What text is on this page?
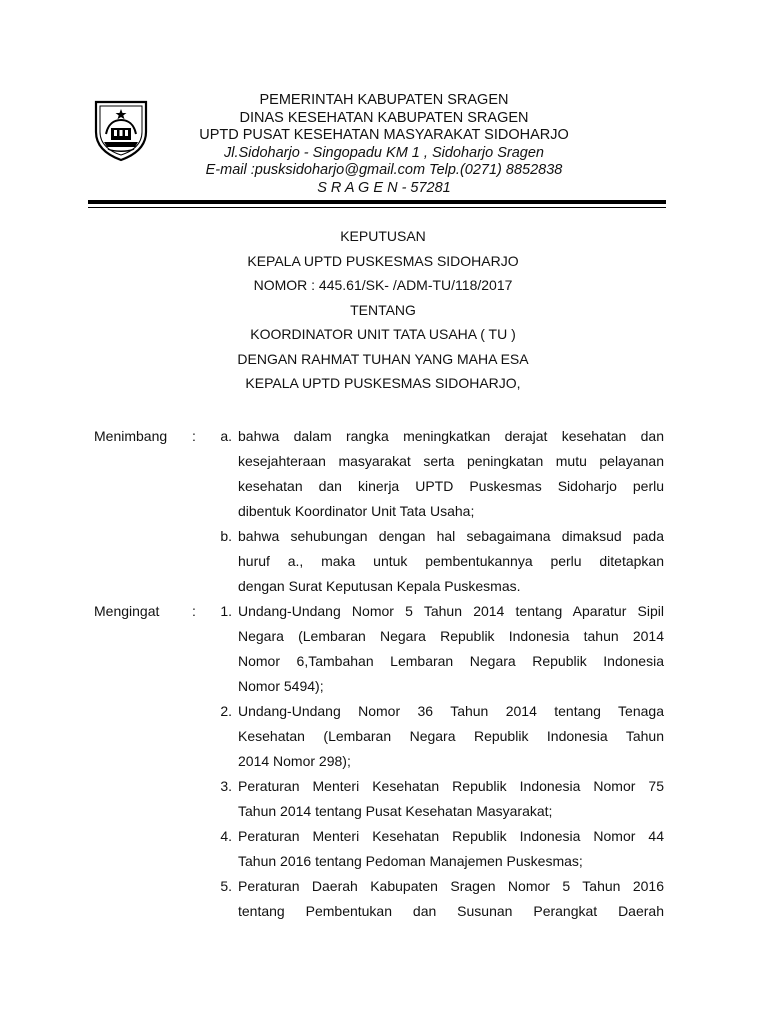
PEMERINTAH KABUPATEN SRAGEN
DINAS KESEHATAN KABUPATEN SRAGEN
UPTD PUSAT KESEHATAN MASYARAKAT SIDOHARJO
Jl.Sidoharjo - Singopadu KM 1 , Sidoharjo Sragen
E-mail :pusksidoharjo@gmail.com Telp.(0271) 8852838
S R A G E N - 57281
KEPUTUSAN
KEPALA UPTD PUSKESMAS SIDOHARJO
NOMOR : 445.61/SK- /ADM-TU/118/2017
TENTANG
KOORDINATOR UNIT TATA USAHA ( TU )
DENGAN RAHMAT TUHAN YANG MAHA ESA
KEPALA UPTD PUSKESMAS SIDOHARJO,
Menimbang	:	a. bahwa dalam rangka meningkatkan derajat kesehatan dan
kesejahteraan masyarakat serta peningkatan mutu pelayanan
kesehatan dan kinerja UPTD Puskesmas Sidoharjo perlu
dibentuk Koordinator Unit Tata Usaha;
b. bahwa sehubungan dengan hal sebagaimana dimaksud pada
huruf a., maka untuk pembentukannya perlu ditetapkan
dengan Surat Keputusan Kepala Puskesmas.
Mengingat	:	1. Undang-Undang Nomor 5 Tahun 2014 tentang Aparatur Sipil
Negara (Lembaran Negara Republik Indonesia tahun 2014
Nomor 6,Tambahan Lembaran Negara Republik Indonesia
Nomor 5494);
2. Undang-Undang Nomor 36 Tahun 2014 tentang Tenaga
Kesehatan (Lembaran Negara Republik Indonesia Tahun
2014 Nomor 298);
3. Peraturan Menteri Kesehatan Republik Indonesia Nomor 75
Tahun 2014 tentang Pusat Kesehatan Masyarakat;
4. Peraturan Menteri Kesehatan Republik Indonesia Nomor 44
Tahun 2016 tentang Pedoman Manajemen Puskesmas;
5. Peraturan Daerah Kabupaten Sragen Nomor 5 Tahun 2016
tentang Pembentukan dan Susunan Perangkat Daerah
